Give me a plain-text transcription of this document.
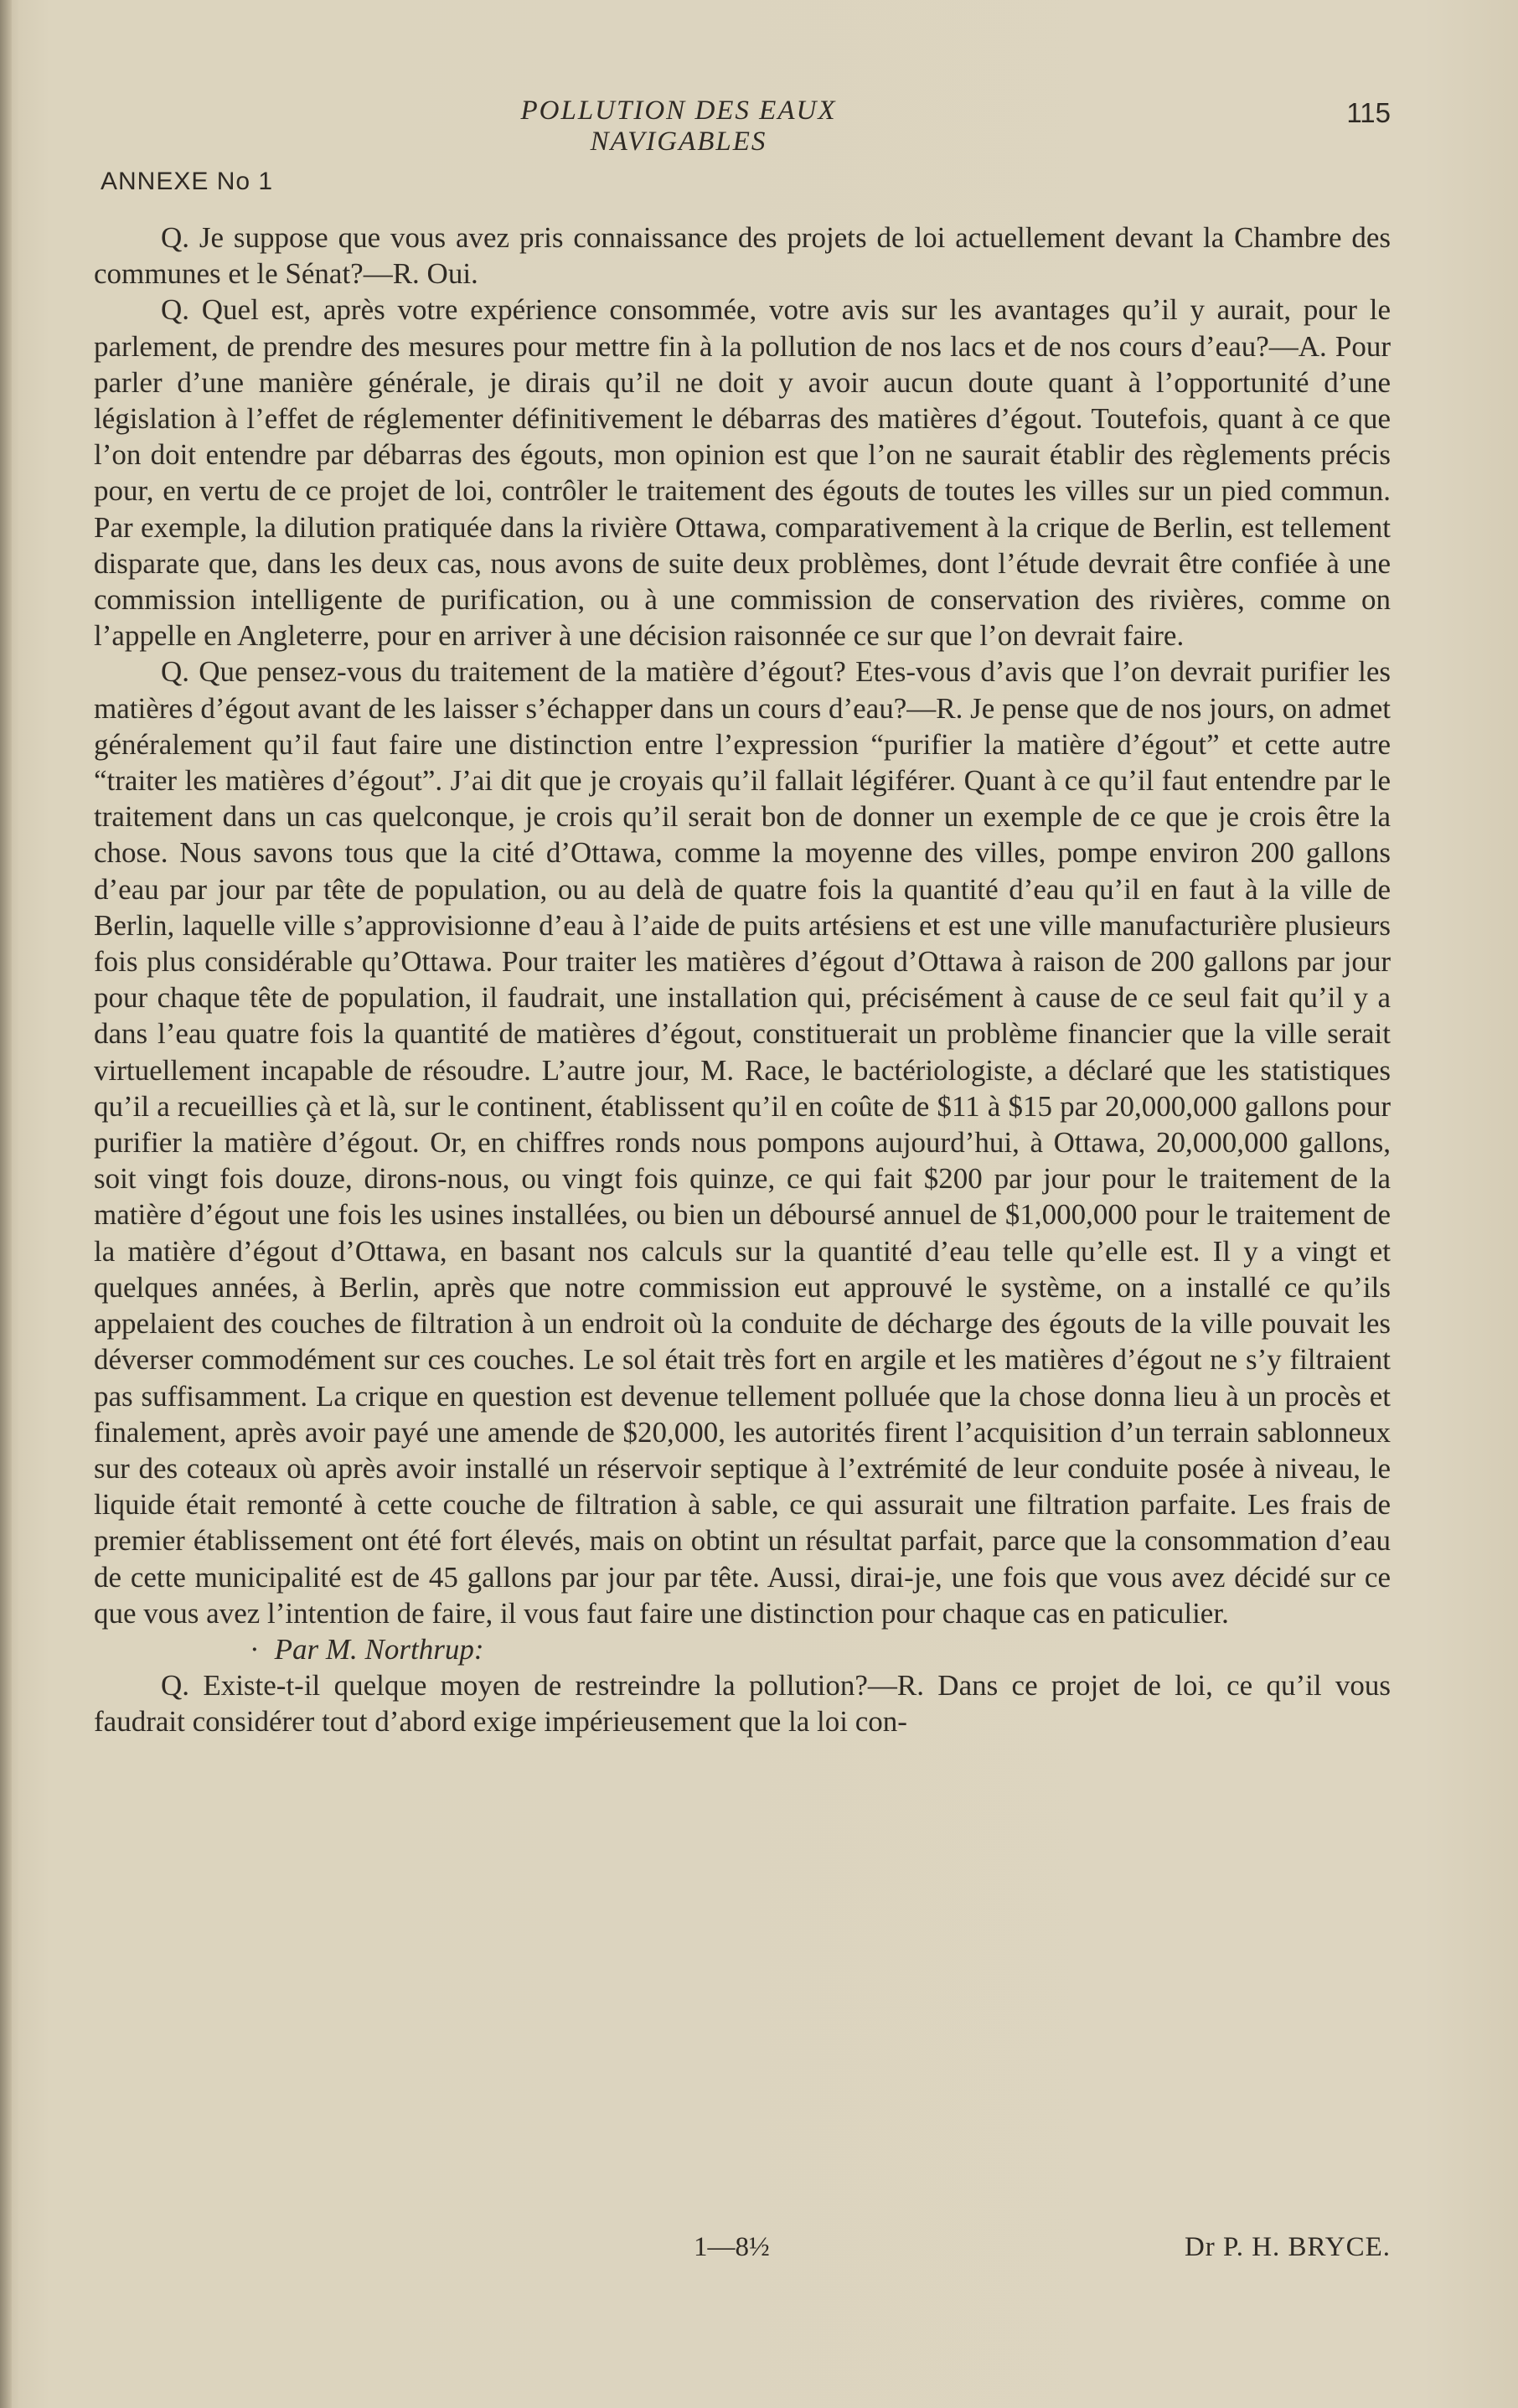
POLLUTION DES EAUX NAVIGABLES
115
ANNEXE No 1

Q. Je suppose que vous avez pris connaissance des projets de loi actuellement devant la Chambre des communes et le Sénat?—R. Oui.

Q. Quel est, après votre expérience consommée, votre avis sur les avantages qu’il y aurait, pour le parlement, de prendre des mesures pour mettre fin à la pollution de nos lacs et de nos cours d’eau?—A. Pour parler d’une manière générale, je dirais qu’il ne doit y avoir aucun doute quant à l’opportunité d’une législation à l’effet de réglementer définitivement le débarras des matières d’égout. Toutefois, quant à ce que l’on doit entendre par débarras des égouts, mon opinion est que l’on ne saurait établir des règlements précis pour, en vertu de ce projet de loi, contrôler le traitement des égouts de toutes les villes sur un pied commun. Par exemple, la dilution pratiquée dans la rivière Ottawa, comparativement à la crique de Berlin, est tellement disparate que, dans les deux cas, nous avons de suite deux problèmes, dont l’étude devrait être confiée à une commission intelligente de purification, ou à une commission de conservation des rivières, comme on l’appelle en Angleterre, pour en arriver à une décision raisonnée ce sur que l’on devrait faire.

Q. Que pensez-vous du traitement de la matière d’égout? Etes-vous d’avis que l’on devrait purifier les matières d’égout avant de les laisser s’échapper dans un cours d’eau?—R. Je pense que de nos jours, on admet généralement qu’il faut faire une distinction entre l’expression “purifier la matière d’égout” et cette autre “traiter les matières d’égout”. J’ai dit que je croyais qu’il fallait légiférer. Quant à ce qu’il faut entendre par le traitement dans un cas quelconque, je crois qu’il serait bon de donner un exemple de ce que je crois être la chose. Nous savons tous que la cité d’Ottawa, comme la moyenne des villes, pompe environ 200 gallons d’eau par jour par tête de population, ou au delà de quatre fois la quantité d’eau qu’il en faut à la ville de Berlin, laquelle ville s’approvisionne d’eau à l’aide de puits artésiens et est une ville manufacturière plusieurs fois plus considérable qu’Ottawa. Pour traiter les matières d’égout d’Ottawa à raison de 200 gallons par jour pour chaque tête de population, il faudrait, une installation qui, précisément à cause de ce seul fait qu’il y a dans l’eau quatre fois la quantité de matières d’égout, constituerait un problème financier que la ville serait virtuellement incapable de résoudre. L’autre jour, M. Race, le bactériologiste, a déclaré que les statistiques qu’il a recueillies çà et là, sur le continent, établissent qu’il en coûte de $11 à $15 par 20,000,000 gallons pour purifier la matière d’égout. Or, en chiffres ronds nous pompons aujourd’hui, à Ottawa, 20,000,000 gallons, soit vingt fois douze, dirons-nous, ou vingt fois quinze, ce qui fait $200 par jour pour le traitement de la matière d’égout une fois les usines installées, ou bien un déboursé annuel de $1,000,000 pour le traitement de la matière d’égout d’Ottawa, en basant nos calculs sur la quantité d’eau telle qu’elle est. Il y a vingt et quelques années, à Berlin, après que notre commission eut approuvé le système, on a installé ce qu’ils appelaient des couches de filtration à un endroit où la conduite de décharge des égouts de la ville pouvait les déverser commodément sur ces couches. Le sol était très fort en argile et les matières d’égout ne s’y filtraient pas suffisamment. La crique en question est devenue tellement polluée que la chose donna lieu à un procès et finalement, après avoir payé une amende de $20,000, les autorités firent l’acquisition d’un terrain sablonneux sur des coteaux où après avoir installé un réservoir septique à l’extrémité de leur conduite posée à niveau, le liquide était remonté à cette couche de filtration à sable, ce qui assurait une filtration parfaite. Les frais de premier établissement ont été fort élevés, mais on obtint un résultat parfait, parce que la consommation d’eau de cette municipalité est de 45 gallons par jour par tête. Aussi, dirai-je, une fois que vous avez décidé sur ce que vous avez l’intention de faire, il vous faut faire une distinction pour chaque cas en paticulier.

· Par M. Northrup:

Q. Existe-t-il quelque moyen de restreindre la pollution?—R. Dans ce projet de loi, ce qu’il vous faudrait considérer tout d’abord exige impérieusement que la loi con-

1—8½	Dr P. H. BRYCE.
